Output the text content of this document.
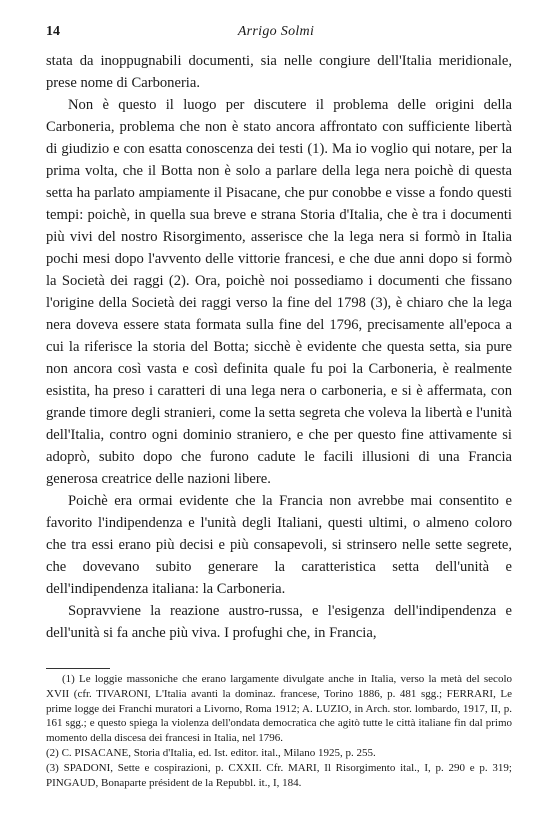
14	Arrigo Solmi

stata da inoppugnabili documenti, sia nelle congiure dell'Italia meridionale, prese nome di Carboneria.

Non è questo il luogo per discutere il problema delle origini della Carboneria, problema che non è stato ancora affrontato con sufficiente libertà di giudizio e con esatta conoscenza dei testi (1). Ma io voglio qui notare, per la prima volta, che il Botta non è solo a parlare della lega nera poichè di questa setta ha parlato ampiamente il Pisacane, che pur conobbe e visse a fondo questi tempi: poichè, in quella sua breve e strana Storia d'Italia, che è tra i documenti più vivi del nostro Risorgimento, asserisce che la lega nera si formò in Italia pochi mesi dopo l'avvento delle vittorie francesi, e che due anni dopo si formò la Società dei raggi (2). Ora, poichè noi possediamo i documenti che fissano l'origine della Società dei raggi verso la fine del 1798 (3), è chiaro che la lega nera doveva essere stata formata sulla fine del 1796, precisamente all'epoca a cui la riferisce la storia del Botta; sicchè è evidente che questa setta, sia pure non ancora così vasta e così definita quale fu poi la Carboneria, è realmente esistita, ha preso i caratteri di una lega nera o carboneria, e si è affermata, con grande timore degli stranieri, come la setta segreta che voleva la libertà e l'unità dell'Italia, contro ogni dominio straniero, e che per questo fine attivamente si adoprò, subito dopo che furono cadute le facili illusioni di una Francia generosa creatrice delle nazioni libere.

Poichè era ormai evidente che la Francia non avrebbe mai consentito e favorito l'indipendenza e l'unità degli Italiani, questi ultimi, o almeno coloro che tra essi erano più decisi e più consapevoli, si strinsero nelle sette segrete, che dovevano subito generare la caratteristica setta dell'unità e dell'indipendenza italiana: la Carboneria.

Sopravviene la reazione austro-russa, e l'esigenza dell'indipendenza e dell'unità si fa anche più viva. I profughi che, in Francia,

(1) Le loggie massoniche che erano largamente divulgate anche in Italia, verso la metà del secolo XVII (cfr. TIVARONI, L'Italia avanti la dominaz. francese, Torino 1886, p. 481 sgg.; FERRARI, Le prime logge dei Franchi muratori a Livorno, Roma 1912; A. LUZIO, in Arch. stor. lombardo, 1917, II, p. 161 sgg.; e questo spiega la violenza dell'ondata democratica che agitò tutte le città italiane fin dal primo momento della discesa dei francesi in Italia, nel 1796.

(2) C. PISACANE, Storia d'Italia, ed. Ist. editor. ital., Milano 1925, p. 255.

(3) SPADONI, Sette e cospirazioni, p. CXXII. Cfr. MARI, Il Risorgimento ital., I, p. 290 e p. 319; PINGAUD, Bonaparte président de la Repubbl. it., I, 184.
